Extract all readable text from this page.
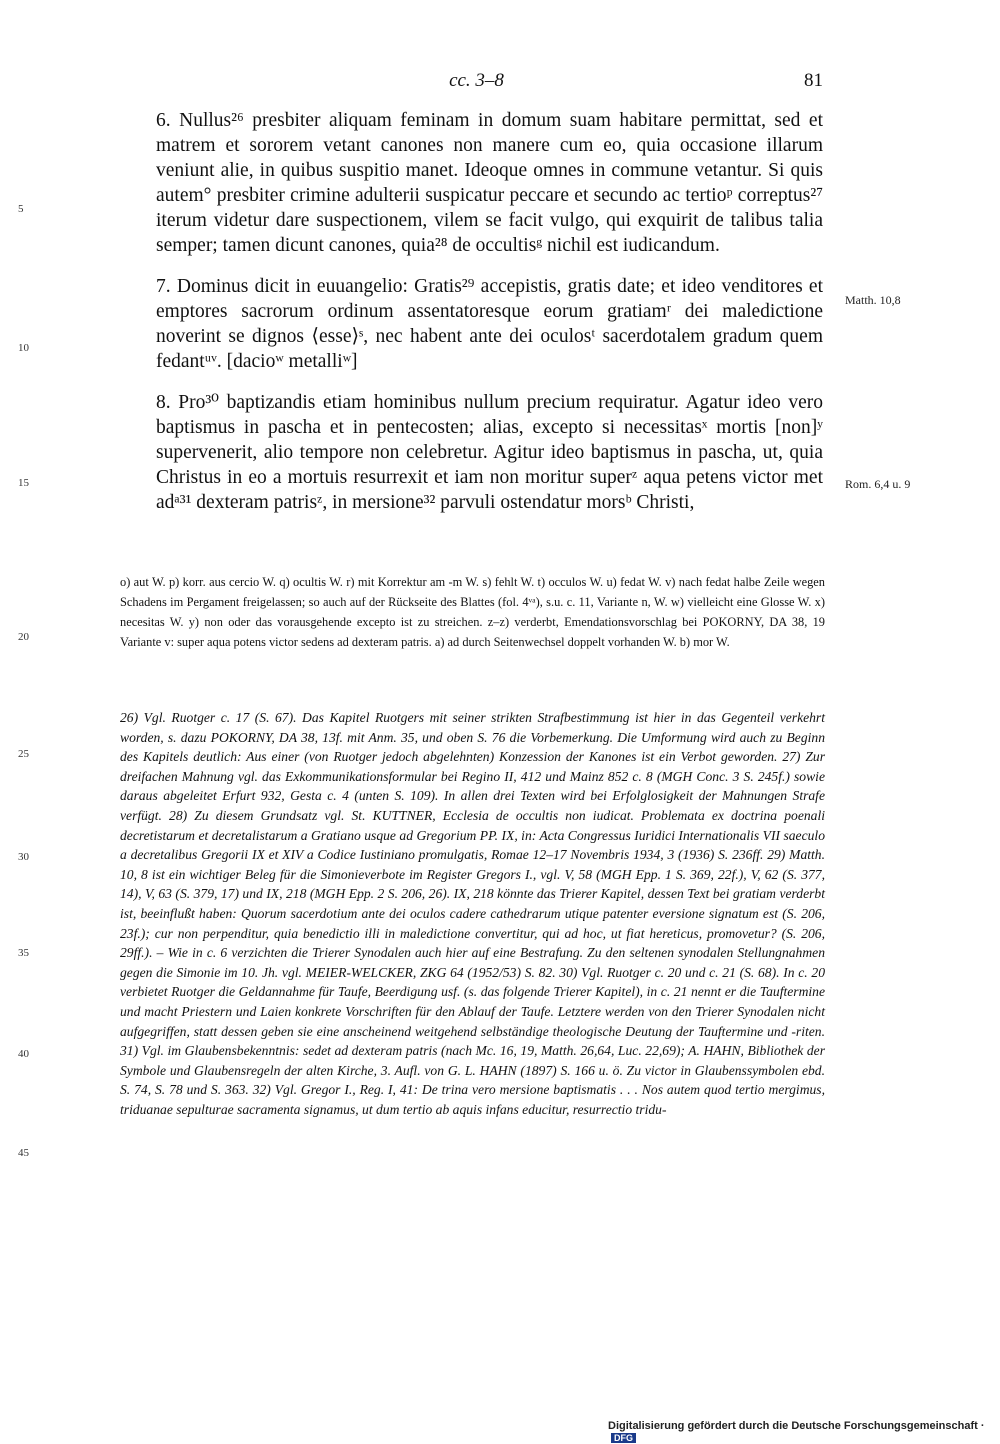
cc. 3–8	81
5
10
15
20
25
30
35
40
45
Matth. 10,8
Rom. 6,4 u. 9

6. Nullus²⁶ presbiter aliquam feminam in domum suam habitare permittat, sed et matrem et sororem vetant canones non manere cum eo, quia occasione illarum veniunt alie, in quibus suspitio manet. Ideoque omnes in commune vetantur. Si quis autem° presbiter crimine adulterii suspicatur peccare et secundo ac tertioᵖ correptus²⁷ iterum videtur dare suspectionem, vilem se facit vulgo, qui exquirit de talibus talia semper; tamen dicunt canones, quia²⁸ de occultisᵍ nichil est iudicandum.

7. Dominus dicit in euuangelio: Gratis²⁹ accepistis, gratis date; et ideo venditores et emptores sacrorum ordinum assentatoresque eorum gratiamʳ dei maledictione noverint se dignos ⟨esse⟩ˢ, nec habent ante dei oculosᵗ sacerdotalem gradum quem fedantᵘᵛ. [dacioʷ metalliʷ]

8. Pro³⁰ baptizandis etiam hominibus nullum precium requiratur. Agatur ideo vero baptismus in pascha et in pentecosten; alias, excepto si necessitasˣ mortis [non]ʸ supervenerit, alio tempore non celebretur. Agitur ideo baptismus in pascha, ut, quia Christus in eo a mortuis resurrexit et iam non moritur superᶻ aqua petens victor met adᵃ³¹ dexteram patrisᶻ, in mersione³² parvuli ostendatur morsᵇ Christi,

o) aut W. p) korr. aus cercio W. q) ocultis W. r) mit Korrektur am -m W. s) fehlt W. t) occulos W. u) fedat W. v) nach fedat halbe Zeile wegen Schadens im Pergament freigelassen; so auch auf der Rückseite des Blattes (fol. 4ᵛᵃ), s.u. c. 11, Variante n, W. w) vielleicht eine Glosse W. x) necesitas W. y) non oder das vorausgehende excepto ist zu streichen. z–z) verderbt, Emendationsvorschlag bei POKORNY, DA 38, 19 Variante v: super aqua potens victor sedens ad dexteram patris. a) ad durch Seitenwechsel doppelt vorhanden W. b) mor W.
26) Vgl. Ruotger c. 17 (S. 67). Das Kapitel Ruotgers mit seiner strikten Strafbestimmung ist hier in das Gegenteil verkehrt worden, s. dazu POKORNY, DA 38, 13f. mit Anm. 35, und oben S. 76 die Vorbemerkung. Die Umformung wird auch zu Beginn des Kapitels deutlich: Aus einer (von Ruotger jedoch abgelehnten) Konzession der Kanones ist ein Verbot geworden. 27) Zur dreifachen Mahnung vgl. das Exkommunikationsformular bei Regino II, 412 und Mainz 852 c. 8 (MGH Conc. 3 S. 245f.) sowie daraus abgeleitet Erfurt 932, Gesta c. 4 (unten S. 109). In allen drei Texten wird bei Erfolglosigkeit der Mahnungen Strafe verfügt. 28) Zu diesem Grundsatz vgl. St. KUTTNER, Ecclesia de occultis non iudicat. Problemata ex doctrina poenali decretistarum et decretalistarum a Gratiano usque ad Gregorium PP. IX, in: Acta Congressus Iuridici Internationalis VII saeculo a decretalibus Gregorii IX et XIV a Codice Iustiniano promulgatis, Romae 12–17 Novembris 1934, 3 (1936) S. 236ff. 29) Matth. 10, 8 ist ein wichtiger Beleg für die Simonieverbote im Register Gregors I., vgl. V, 58 (MGH Epp. 1 S. 369, 22f.), V, 62 (S. 377, 14), V, 63 (S. 379, 17) und IX, 218 (MGH Epp. 2 S. 206, 26). IX, 218 könnte das Trierer Kapitel, dessen Text bei gratiam verderbt ist, beeinflußt haben: Quorum sacerdotium ante dei oculos cadere cathedrarum utique patenter eversione signatum est (S. 206, 23f.); cur non perpenditur, quia benedictio illi in maledictione convertitur, qui ad hoc, ut fiat hereticus, promovetur? (S. 206, 29ff.). – Wie in c. 6 verzichten die Trierer Synodalen auch hier auf eine Bestrafung. Zu den seltenen synodalen Stellungnahmen gegen die Simonie im 10. Jh. vgl. MEIER-WELCKER, ZKG 64 (1952/53) S. 82. 30) Vgl. Ruotger c. 20 und c. 21 (S. 68). In c. 20 verbietet Ruotger die Geldannahme für Taufe, Beerdigung usf. (s. das folgende Trierer Kapitel), in c. 21 nennt er die Tauftermine und macht Priestern und Laien konkrete Vorschriften für den Ablauf der Taufe. Letztere werden von den Trierer Synodalen nicht aufgegriffen, statt dessen geben sie eine anscheinend weitgehend selbständige theologische Deutung der Tauftermine und -riten. 31) Vgl. im Glaubensbekenntnis: sedet ad dexteram patris (nach Mc. 16, 19, Matth. 26,64, Luc. 22,69); A. HAHN, Bibliothek der Symbole und Glaubensregeln der alten Kirche, 3. Aufl. von G. L. HAHN (1897) S. 166 u. ö. Zu victor in Glaubenssymbolen ebd. S. 74, S. 78 und S. 363. 32) Vgl. Gregor I., Reg. I, 41: De trina vero mersione baptismatis . . . Nos autem quod tertio mergimus, triduanae sepulturae sacramenta signamus, ut dum tertio ab aquis infans educitur, resurrectio tridu-
Digitalisierung gefördert durch die Deutsche Forschungsgemeinschaft ·DFG
